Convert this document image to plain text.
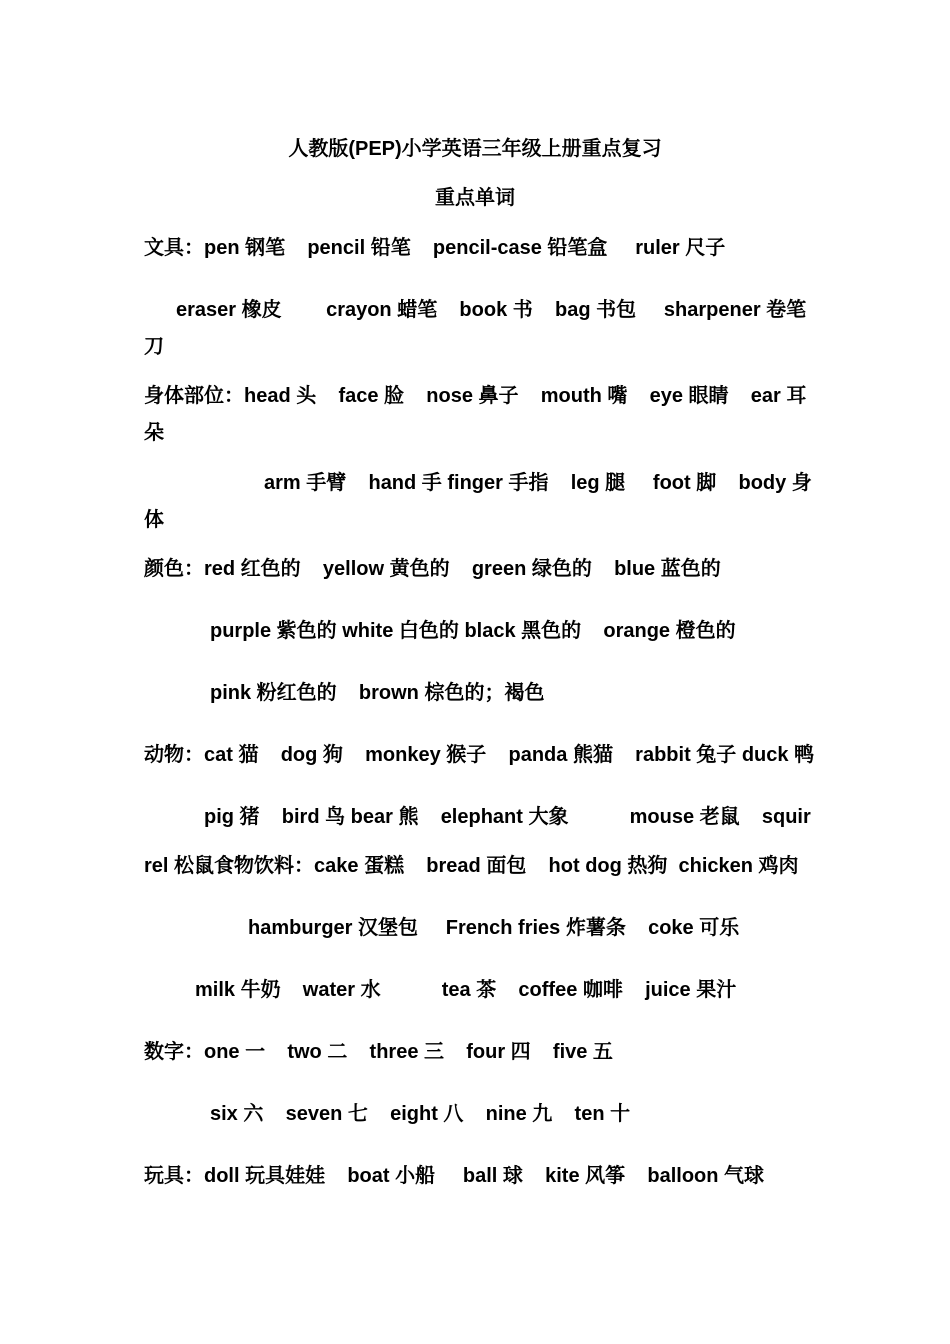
人教版(PEP)小学英语三年级上册重点复习
重点单词

文具：pen 钢笔    pencil 铅笔    pencil-case 铅笔盒     ruler 尺子

eraser 橡皮        crayon 蜡笔    book 书    bag 书包     sharpener 卷笔

刀

身体部位：head 头    face 脸    nose 鼻子    mouth 嘴    eye 眼睛    ear 耳

朵

arm 手臂    hand 手 finger 手指    leg 腿     foot 脚    body 身

体

颜色：red 红色的    yellow 黄色的    green 绿色的    blue 蓝色的

purple 紫色的 white 白色的 black 黑色的    orange 橙色的

pink 粉红色的    brown 棕色的；褐色

动物：cat 猫    dog 狗    monkey 猴子    panda 熊猫    rabbit 兔子 duck 鸭

pig 猪    bird 鸟 bear 熊    elephant 大象           mouse 老鼠    squir

rel 松鼠食物饮料：cake 蛋糕    bread 面包    hot dog 热狗  chicken 鸡肉

hamburger 汉堡包     French fries 炸薯条    coke 可乐

milk 牛奶    water 水           tea 茶    coffee 咖啡    juice 果汁

数字：one 一    two 二    three 三    four 四    five 五

six 六    seven 七    eight 八    nine 九    ten 十

玩具：doll 玩具娃娃    boat 小船     ball 球    kite 风筝    balloon 气球
